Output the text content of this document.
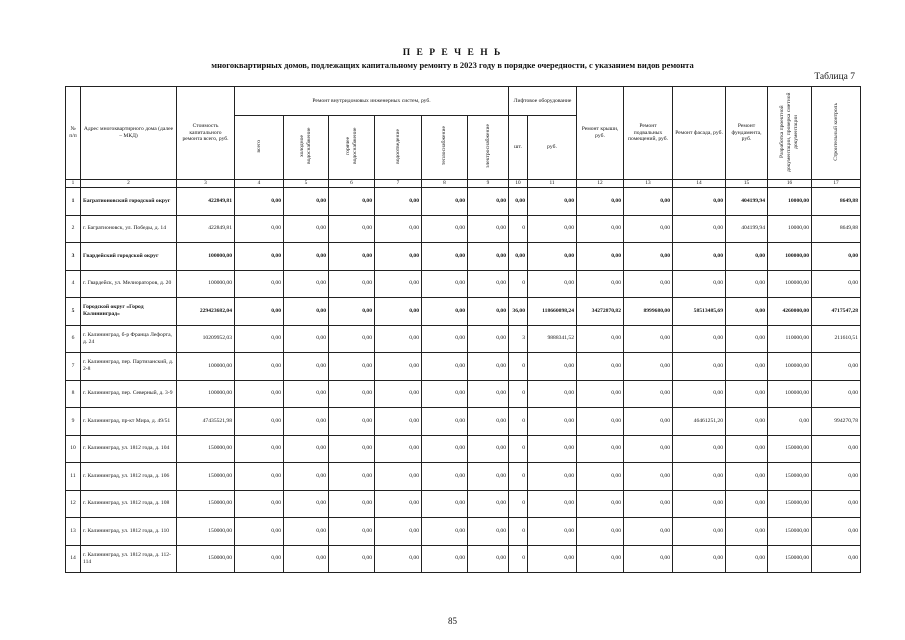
П Е Р Е Ч Е Н Ь
многоквартирных домов, подлежащих капитальному ремонту в 2023 году в порядке очередности, с указанием видов ремонта
Таблица 7
№ п/п	Адрес многоквартирного дома (далее – МКД)	Стоимость капитального ремонта всего, руб.	Ремонт внутридомовых инженерных систем, руб.						Лифтовое оборудование		Ремонт крыши, руб.	Ремонт подвальных помещений, руб.	Ремонт фасада, руб.	Ремонт фундамента, руб.	Разработка проектной документации, проверка сметной документации	Строительный контроль
			всего	холодное водоснабжение	горячее водоснабжение	водоотведение	теплоснабжение	электроснабжение	шт.	руб.						
1	2	3	4	5	6	7	8	9	10	11	12	13	14	15	16	17
1	Багратионовский городской округ	422849,81	0,00	0,00	0,00	0,00	0,00	0,00	0,00	0,00	0,00	0,00	0,00	404199,94	10000,00	8649,88
2	г. Багратионовск, ул. Победы, д. 14	422849,81	0,00	0,00	0,00	0,00	0,00	0,00	0	0,00	0,00	0,00	0,00	404199,94	10000,00	8649,88
3	Гвардейский городской округ	100000,00	0,00	0,00	0,00	0,00	0,00	0,00	0,00	0,00	0,00	0,00	0,00	0,00	100000,00	0,00
4	г. Гвардейск, ул. Мелиораторов, д. 20	100000,00	0,00	0,00	0,00	0,00	0,00	0,00	0	0,00	0,00	0,00	0,00	0,00	100000,00	0,00
5	Городской округ «Город Калининград»	229423682,04	0,00	0,00	0,00	0,00	0,00	0,00	36,00	118660098,24	34272870,82	8999680,00	58513485,69	0,00	4260000,00	4717547,28
6	г. Калининград, б-р Франца Лефорта, д. 24	10209952,03	0,00	0,00	0,00	0,00	0,00	0,00	3	9888341,52	0,00	0,00	0,00	0,00	110000,00	211610,51
7	г. Калининград, пер. Партизанский, д. 2-8	100000,00	0,00	0,00	0,00	0,00	0,00	0,00	0	0,00	0,00	0,00	0,00	0,00	100000,00	0,00
8	г. Калининград, пер. Северный, д. 3-9	100000,00	0,00	0,00	0,00	0,00	0,00	0,00	0	0,00	0,00	0,00	0,00	0,00	100000,00	0,00
9	г. Калининград, пр-кт Мира, д. 49/51	47435521,98	0,00	0,00	0,00	0,00	0,00	0,00	0	0,00	0,00	0,00	46461251,20	0,00	0,00	994270,78
10	г. Калининград, ул. 1812 года, д. 104	150000,00	0,00	0,00	0,00	0,00	0,00	0,00	0	0,00	0,00	0,00	0,00	0,00	150000,00	0,00
11	г. Калининград, ул. 1812 года, д. 106	150000,00	0,00	0,00	0,00	0,00	0,00	0,00	0	0,00	0,00	0,00	0,00	0,00	150000,00	0,00
12	г. Калининград, ул. 1812 года, д. 108	150000,00	0,00	0,00	0,00	0,00	0,00	0,00	0	0,00	0,00	0,00	0,00	0,00	150000,00	0,00
13	г. Калининград, ул. 1812 года, д. 110	150000,00	0,00	0,00	0,00	0,00	0,00	0,00	0	0,00	0,00	0,00	0,00	0,00	150000,00	0,00
14	г. Калининград, ул. 1812 года, д. 112-114	150000,00	0,00	0,00	0,00	0,00	0,00	0,00	0	0,00	0,00	0,00	0,00	0,00	150000,00	0,00
85
